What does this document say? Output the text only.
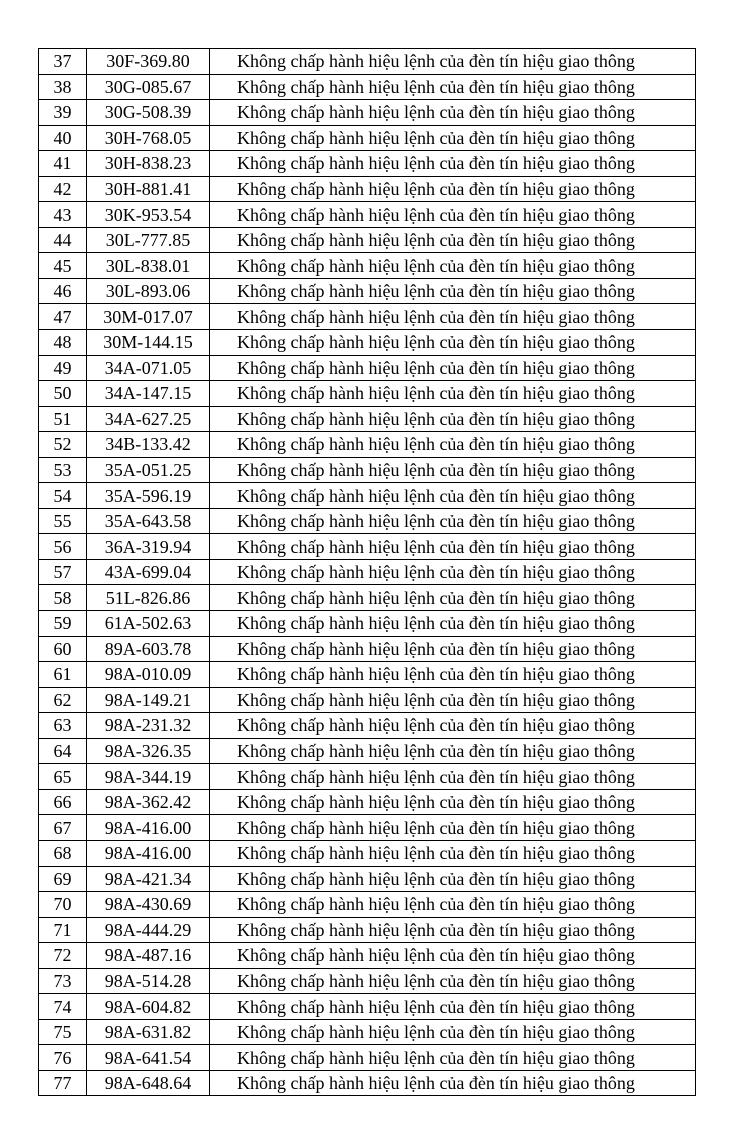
37	30F-369.80	Không chấp hành hiệu lệnh của đèn tín hiệu giao thông
38	30G-085.67	Không chấp hành hiệu lệnh của đèn tín hiệu giao thông
39	30G-508.39	Không chấp hành hiệu lệnh của đèn tín hiệu giao thông
40	30H-768.05	Không chấp hành hiệu lệnh của đèn tín hiệu giao thông
41	30H-838.23	Không chấp hành hiệu lệnh của đèn tín hiệu giao thông
42	30H-881.41	Không chấp hành hiệu lệnh của đèn tín hiệu giao thông
43	30K-953.54	Không chấp hành hiệu lệnh của đèn tín hiệu giao thông
44	30L-777.85	Không chấp hành hiệu lệnh của đèn tín hiệu giao thông
45	30L-838.01	Không chấp hành hiệu lệnh của đèn tín hiệu giao thông
46	30L-893.06	Không chấp hành hiệu lệnh của đèn tín hiệu giao thông
47	30M-017.07	Không chấp hành hiệu lệnh của đèn tín hiệu giao thông
48	30M-144.15	Không chấp hành hiệu lệnh của đèn tín hiệu giao thông
49	34A-071.05	Không chấp hành hiệu lệnh của đèn tín hiệu giao thông
50	34A-147.15	Không chấp hành hiệu lệnh của đèn tín hiệu giao thông
51	34A-627.25	Không chấp hành hiệu lệnh của đèn tín hiệu giao thông
52	34B-133.42	Không chấp hành hiệu lệnh của đèn tín hiệu giao thông
53	35A-051.25	Không chấp hành hiệu lệnh của đèn tín hiệu giao thông
54	35A-596.19	Không chấp hành hiệu lệnh của đèn tín hiệu giao thông
55	35A-643.58	Không chấp hành hiệu lệnh của đèn tín hiệu giao thông
56	36A-319.94	Không chấp hành hiệu lệnh của đèn tín hiệu giao thông
57	43A-699.04	Không chấp hành hiệu lệnh của đèn tín hiệu giao thông
58	51L-826.86	Không chấp hành hiệu lệnh của đèn tín hiệu giao thông
59	61A-502.63	Không chấp hành hiệu lệnh của đèn tín hiệu giao thông
60	89A-603.78	Không chấp hành hiệu lệnh của đèn tín hiệu giao thông
61	98A-010.09	Không chấp hành hiệu lệnh của đèn tín hiệu giao thông
62	98A-149.21	Không chấp hành hiệu lệnh của đèn tín hiệu giao thông
63	98A-231.32	Không chấp hành hiệu lệnh của đèn tín hiệu giao thông
64	98A-326.35	Không chấp hành hiệu lệnh của đèn tín hiệu giao thông
65	98A-344.19	Không chấp hành hiệu lệnh của đèn tín hiệu giao thông
66	98A-362.42	Không chấp hành hiệu lệnh của đèn tín hiệu giao thông
67	98A-416.00	Không chấp hành hiệu lệnh của đèn tín hiệu giao thông
68	98A-416.00	Không chấp hành hiệu lệnh của đèn tín hiệu giao thông
69	98A-421.34	Không chấp hành hiệu lệnh của đèn tín hiệu giao thông
70	98A-430.69	Không chấp hành hiệu lệnh của đèn tín hiệu giao thông
71	98A-444.29	Không chấp hành hiệu lệnh của đèn tín hiệu giao thông
72	98A-487.16	Không chấp hành hiệu lệnh của đèn tín hiệu giao thông
73	98A-514.28	Không chấp hành hiệu lệnh của đèn tín hiệu giao thông
74	98A-604.82	Không chấp hành hiệu lệnh của đèn tín hiệu giao thông
75	98A-631.82	Không chấp hành hiệu lệnh của đèn tín hiệu giao thông
76	98A-641.54	Không chấp hành hiệu lệnh của đèn tín hiệu giao thông
77	98A-648.64	Không chấp hành hiệu lệnh của đèn tín hiệu giao thông
